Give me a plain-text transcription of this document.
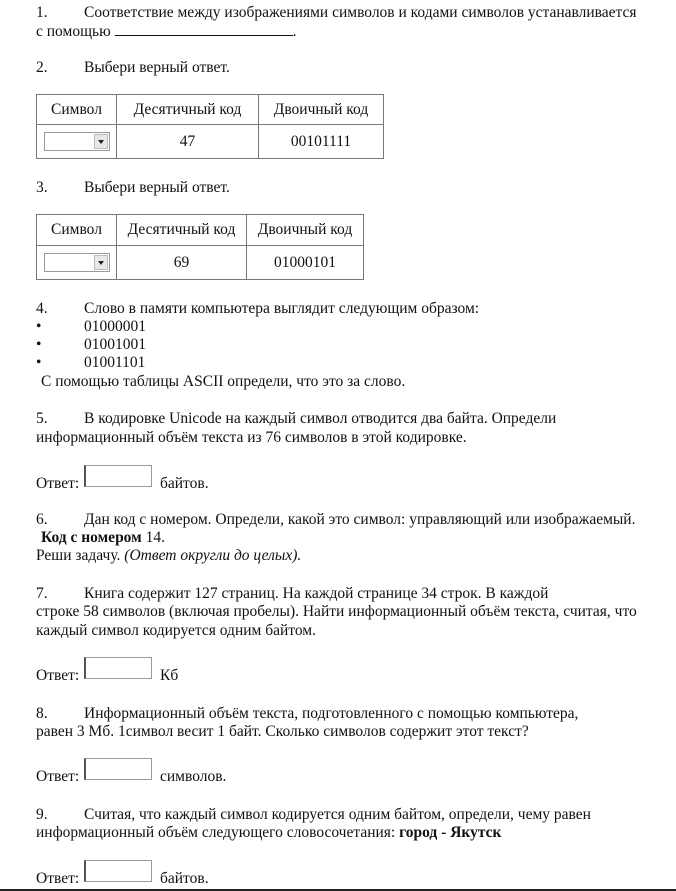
1. Соответствие между изображениями символов и кодами символов устанавливается
с помощью	.
2. Выбери верный ответ.
Символ	Десятичный код	Двоичный код

	47	00101111
3. Выбери верный ответ.
Символ	Десятичный код	Двоичный код

	69	01000101
4. Слово в памяти компьютера выглядит следующим образом:
•	01000001
•	01001001
•	01001101
С помощью таблицы ASCII определи, что это за слово.
5. В кодировке Unicode на каждый символ отводится два байта. Определи
информационный объём текста из 76 символов в этой кодировке.
Ответ:	байтов.
6. Дан код с номером. Определи, какой это символ: управляющий или изображаемый.
Код с номером 14.
Реши задачу. (Ответ округли до целых).
7. Книга содержит 127 страниц. На каждой странице 34 строк. В каждой
строке 58 символов (включая пробелы). Найти информационный объём текста, считая, что
каждый символ кодируется одним байтом.
Ответ:	Кб
8. Информационный объём текста, подготовленного с помощью компьютера,
равен 3 Мб. 1символ весит 1 байт. Сколько символов содержит этот текст?
Ответ:	символов.
9. Считая, что каждый символ кодируется одним байтом, определи, чему равен
информационный объём следующего словосочетания: город - Якутск
Ответ:	байтов.
